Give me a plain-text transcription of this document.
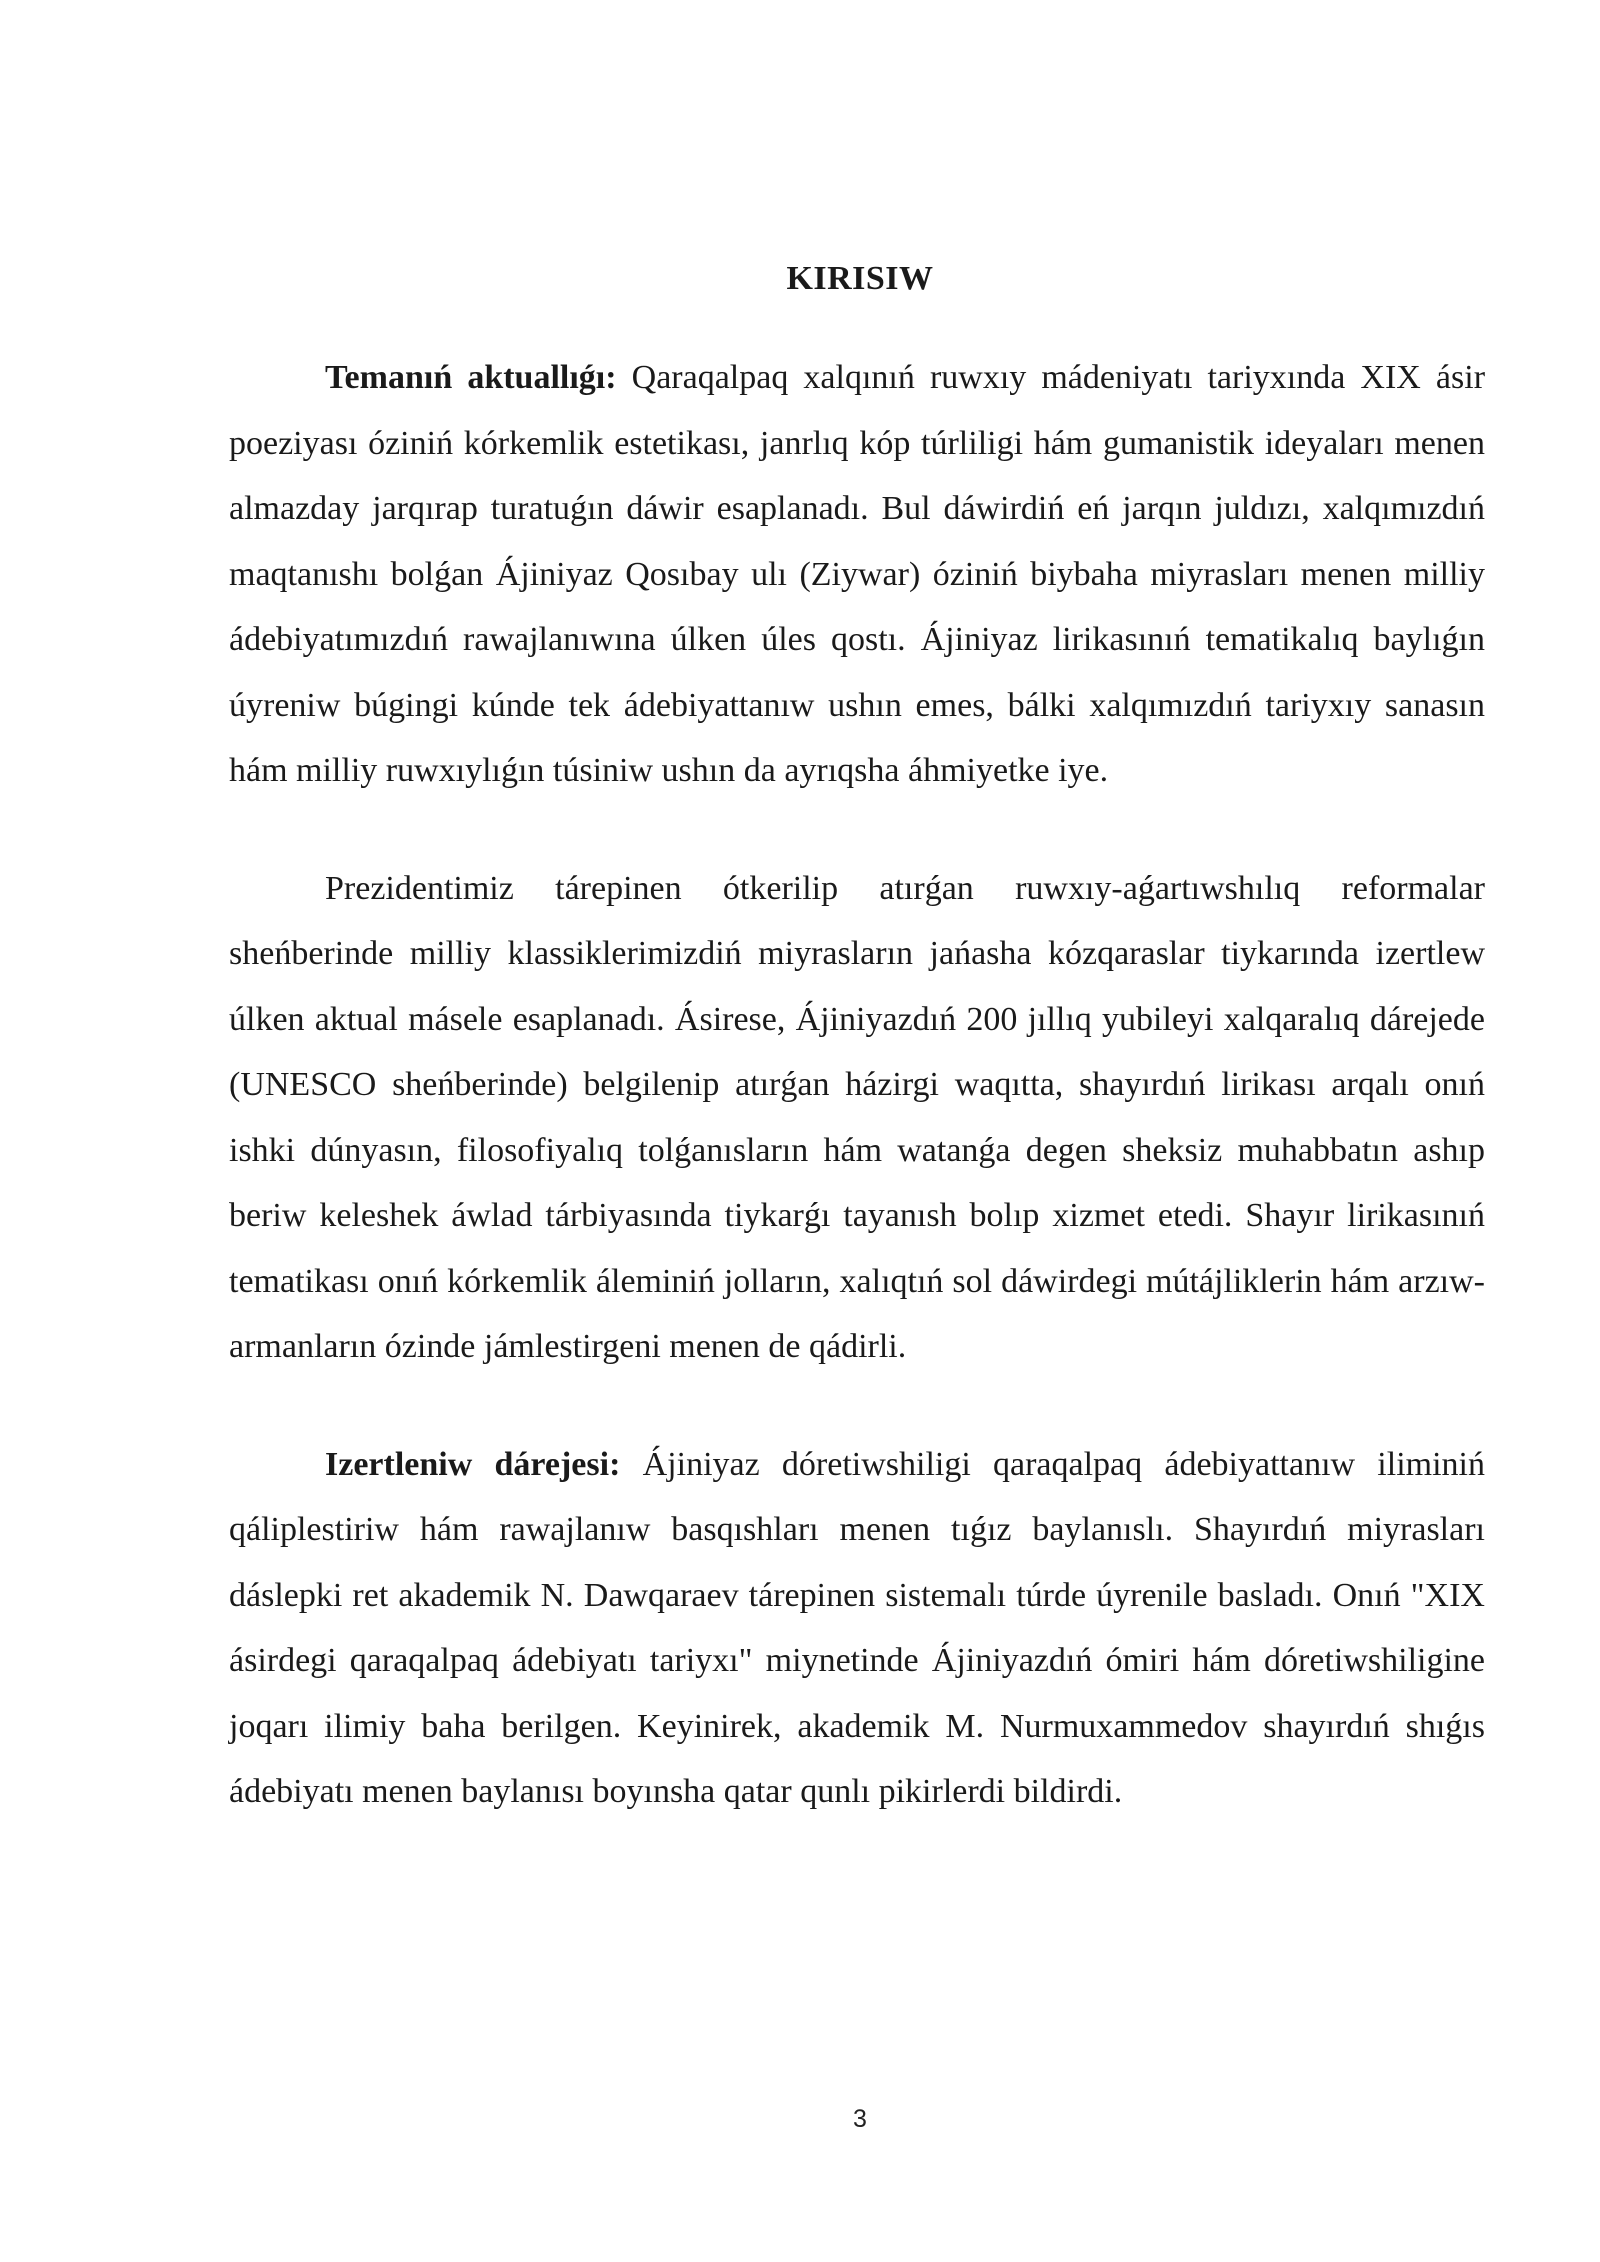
KIRISIW

Temanıń aktuallıǵı: Qaraqalpaq xalqınıń ruwxıy mádeniyatı tariyxında XIX ásir poeziyası óziniń kórkemlik estetikası, janrlıq kóp túrliligi hám gumanistik ideyaları menen almazday jarqırap turatuǵın dáwir esaplanadı. Bul dáwirdiń eń jarqın juldızı, xalqımızdıń maqtanıshı bolǵan Ájiniyaz Qosıbay ulı (Ziywar) óziniń biybaha miyrasları menen milliy ádebiyatımızdıń rawajlanıwına úlken úles qostı. Ájiniyaz lirikasınıń tematikalıq baylıǵın úyreniw búgingi kúnde tek ádebiyattanıw ushın emes, bálki xalqımızdıń tariyxıy sanasın hám milliy ruwxıylıǵın túsiniw ushın da ayrıqsha áhmiyetke iye.

Prezidentimiz tárepinen ótkerilip atırǵan ruwxıy-aǵartıwshılıq reformalar sheńberinde milliy klassiklerimizdiń miyrasların jańasha kózqaraslar tiykarında izertlew úlken aktual másele esaplanadı. Ásirese, Ájiniyazdıń 200 jıllıq yubileyi xalqaralıq dárejede (UNESCO sheńberinde) belgilenip atırǵan házirgi waqıtta, shayırdıń lirikası arqalı onıń ishki dúnyasın, filosofiyalıq tolǵanısların hám watanǵa degen sheksiz muhabbatın ashıp beriw keleshek áwlad tárbiyasında tiykarǵı tayanısh bolıp xizmet etedi. Shayır lirikasınıń tematikası onıń kórkemlik áleminiń jolların, xalıqtıń sol dáwirdegi mútájliklerin hám arzıw-armanların ózinde jámlestirgeni menen de qádirli.

Izertleniw dárejesi: Ájiniyaz dóretiwshiligi qaraqalpaq ádebiyattanıw iliminiń qáliplestiriw hám rawajlanıw basqıshları menen tıǵız baylanıslı. Shayırdıń miyrasları dáslepki ret akademik N. Dawqaraev tárepinen sistemalı túrde úyrenile basladı. Onıń "XIX ásirdegi qaraqalpaq ádebiyatı tariyxı" miynetinde Ájiniyazdıń ómiri hám dóretiwshiligine joqarı ilimiy baha berilgen. Keyinirek, akademik M. Nurmuxammedov shayırdıń shıǵıs ádebiyatı menen baylanısı boyınsha qatar qunlı pikirlerdi bildirdi.

3
